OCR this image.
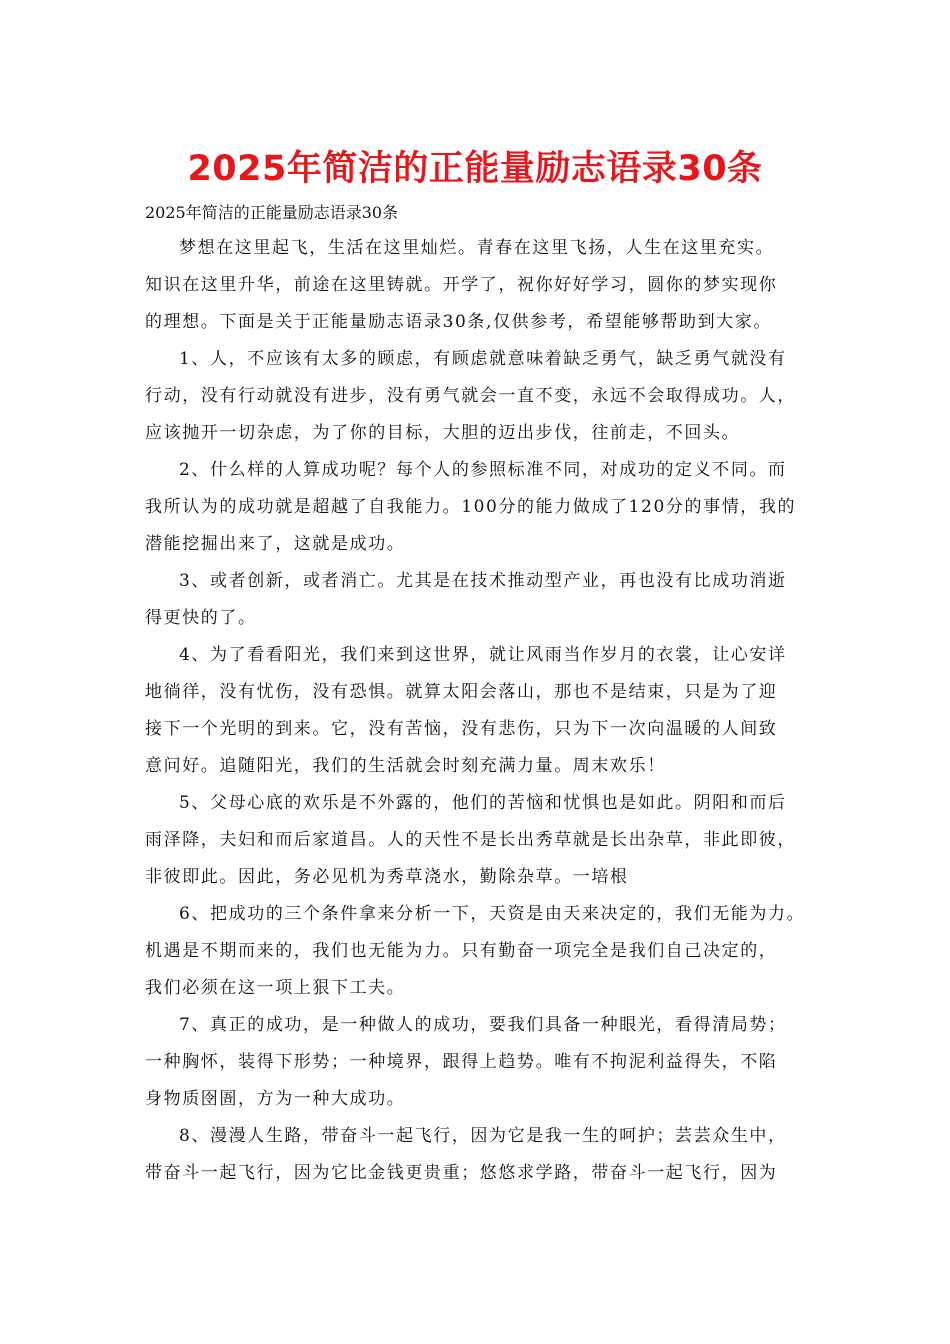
2025年简洁的正能量励志语录30条
2025年简洁的正能量励志语录30条
梦想在这里起飞，生活在这里灿烂。青春在这里飞扬，人生在这里充实。
知识在这里升华，前途在这里铸就。开学了，祝你好好学习，圆你的梦实现你
的理想。下面是关于正能量励志语录30条,仅供参考，希望能够帮助到大家。
1、人，不应该有太多的顾虑，有顾虑就意味着缺乏勇气，缺乏勇气就没有
行动，没有行动就没有进步，没有勇气就会一直不变，永远不会取得成功。人，
应该抛开一切杂虑，为了你的目标，大胆的迈出步伐，往前走，不回头。
2、什么样的人算成功呢？每个人的参照标准不同，对成功的定义不同。而
我所认为的成功就是超越了自我能力。100分的能力做成了120分的事情，我的
潜能挖掘出来了，这就是成功。
3、或者创新，或者消亡。尤其是在技术推动型产业，再也没有比成功消逝
得更快的了。
4、为了看看阳光，我们来到这世界，就让风雨当作岁月的衣裳，让心安详
地徜徉，没有忧伤，没有恐惧。就算太阳会落山，那也不是结束，只是为了迎
接下一个光明的到来。它，没有苦恼，没有悲伤，只为下一次向温暖的人间致
意问好。追随阳光，我们的生活就会时刻充满力量。周末欢乐！
5、父母心底的欢乐是不外露的，他们的苦恼和忧惧也是如此。阴阳和而后
雨泽降，夫妇和而后家道昌。人的天性不是长出秀草就是长出杂草，非此即彼，
非彼即此。因此，务必见机为秀草浇水，勤除杂草。一培根
6、把成功的三个条件拿来分析一下，天资是由天来决定的，我们无能为力。
机遇是不期而来的，我们也无能为力。只有勤奋一项完全是我们自己决定的，
我们必须在这一项上狠下工夫。
7、真正的成功，是一种做人的成功，要我们具备一种眼光，看得清局势；
一种胸怀，装得下形势；一种境界，跟得上趋势。唯有不拘泥利益得失，不陷
身物质囹圄，方为一种大成功。
8、漫漫人生路，带奋斗一起飞行，因为它是我一生的呵护；芸芸众生中，
带奋斗一起飞行，因为它比金钱更贵重；悠悠求学路，带奋斗一起飞行，因为
